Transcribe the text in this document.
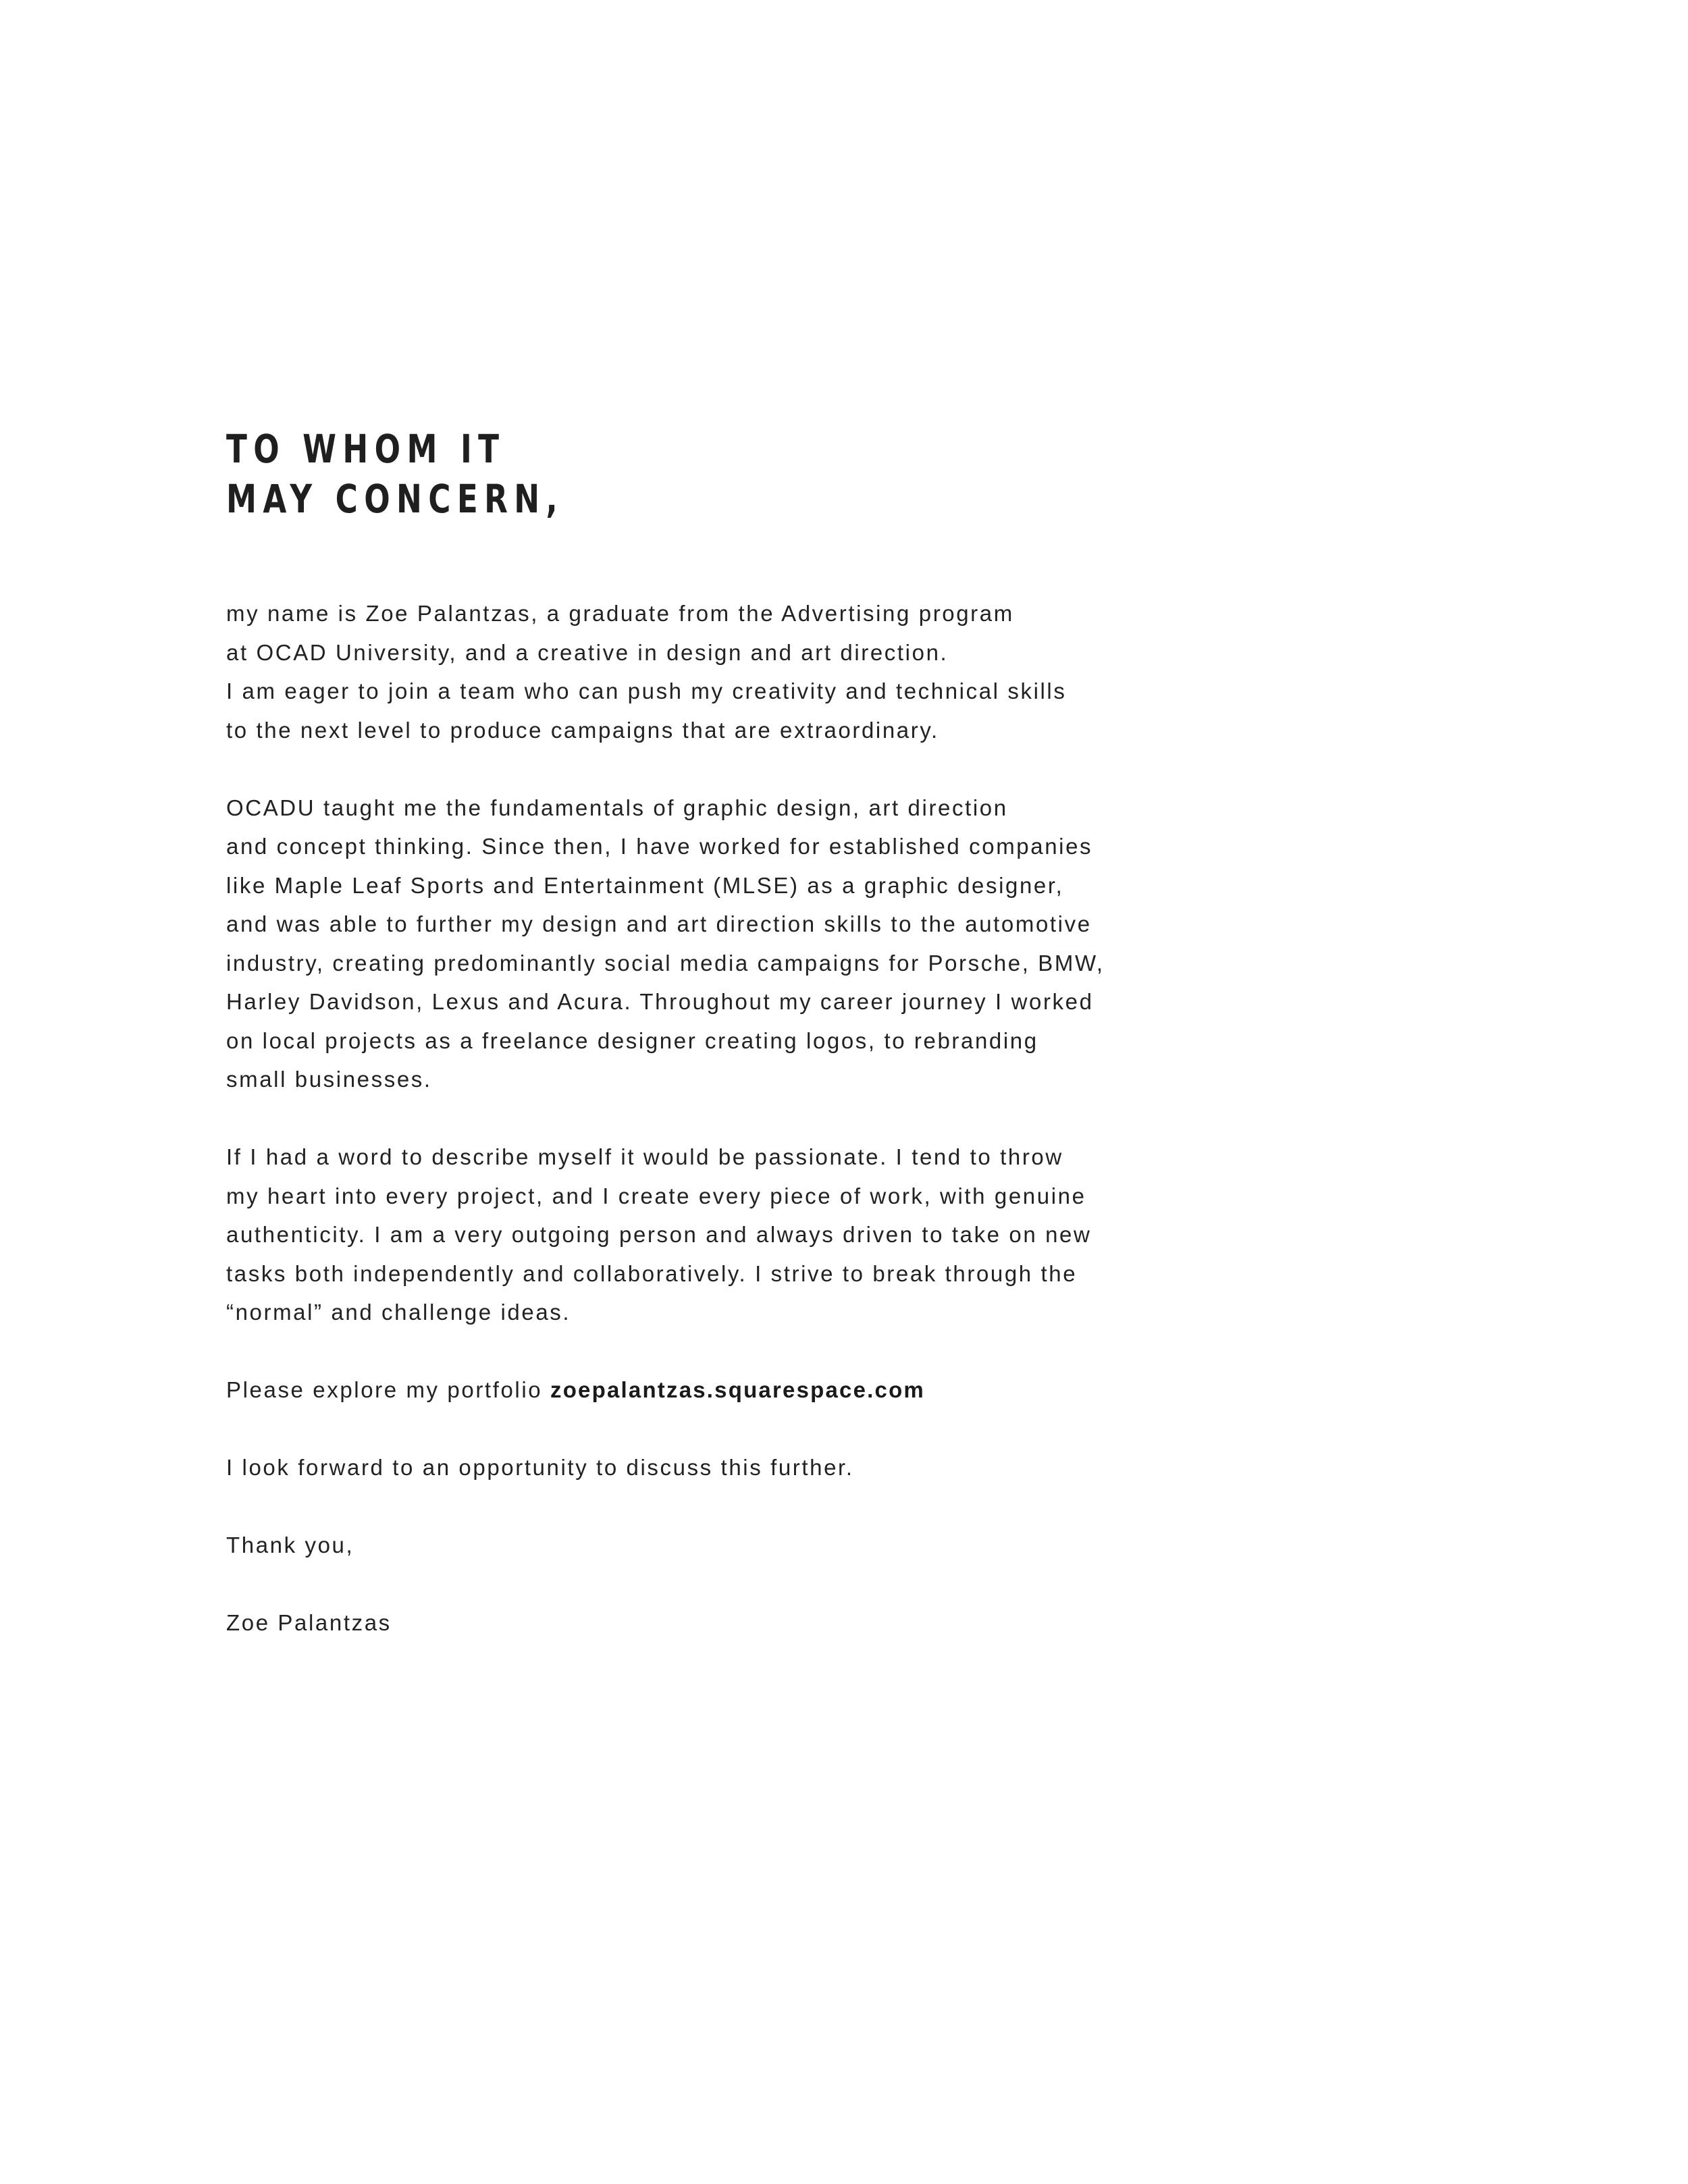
TO WHOM IT
MAY CONCERN,

my name is Zoe Palantzas, a graduate from the Advertising program
at OCAD University, and a creative in design and art direction.
I am eager to join a team who can push my creativity and technical skills
to the next level to produce campaigns that are extraordinary.

OCADU taught me the fundamentals of graphic design, art direction
and concept thinking. Since then, I have worked for established companies
like Maple Leaf Sports and Entertainment (MLSE) as a graphic designer,
and was able to further my design and art direction skills to the automotive
industry, creating predominantly social media campaigns for Porsche, BMW,
Harley Davidson, Lexus and Acura. Throughout my career journey I worked
on local projects as a freelance designer creating logos, to rebranding
small businesses.

If I had a word to describe myself it would be passionate. I tend to throw
my heart into every project, and I create every piece of work, with genuine
authenticity. I am a very outgoing person and always driven to take on new
tasks both independently and collaboratively. I strive to break through the
“normal” and challenge ideas.

Please explore my portfolio zoepalantzas.squarespace.com

I look forward to an opportunity to discuss this further.

Thank you,

Zoe Palantzas
